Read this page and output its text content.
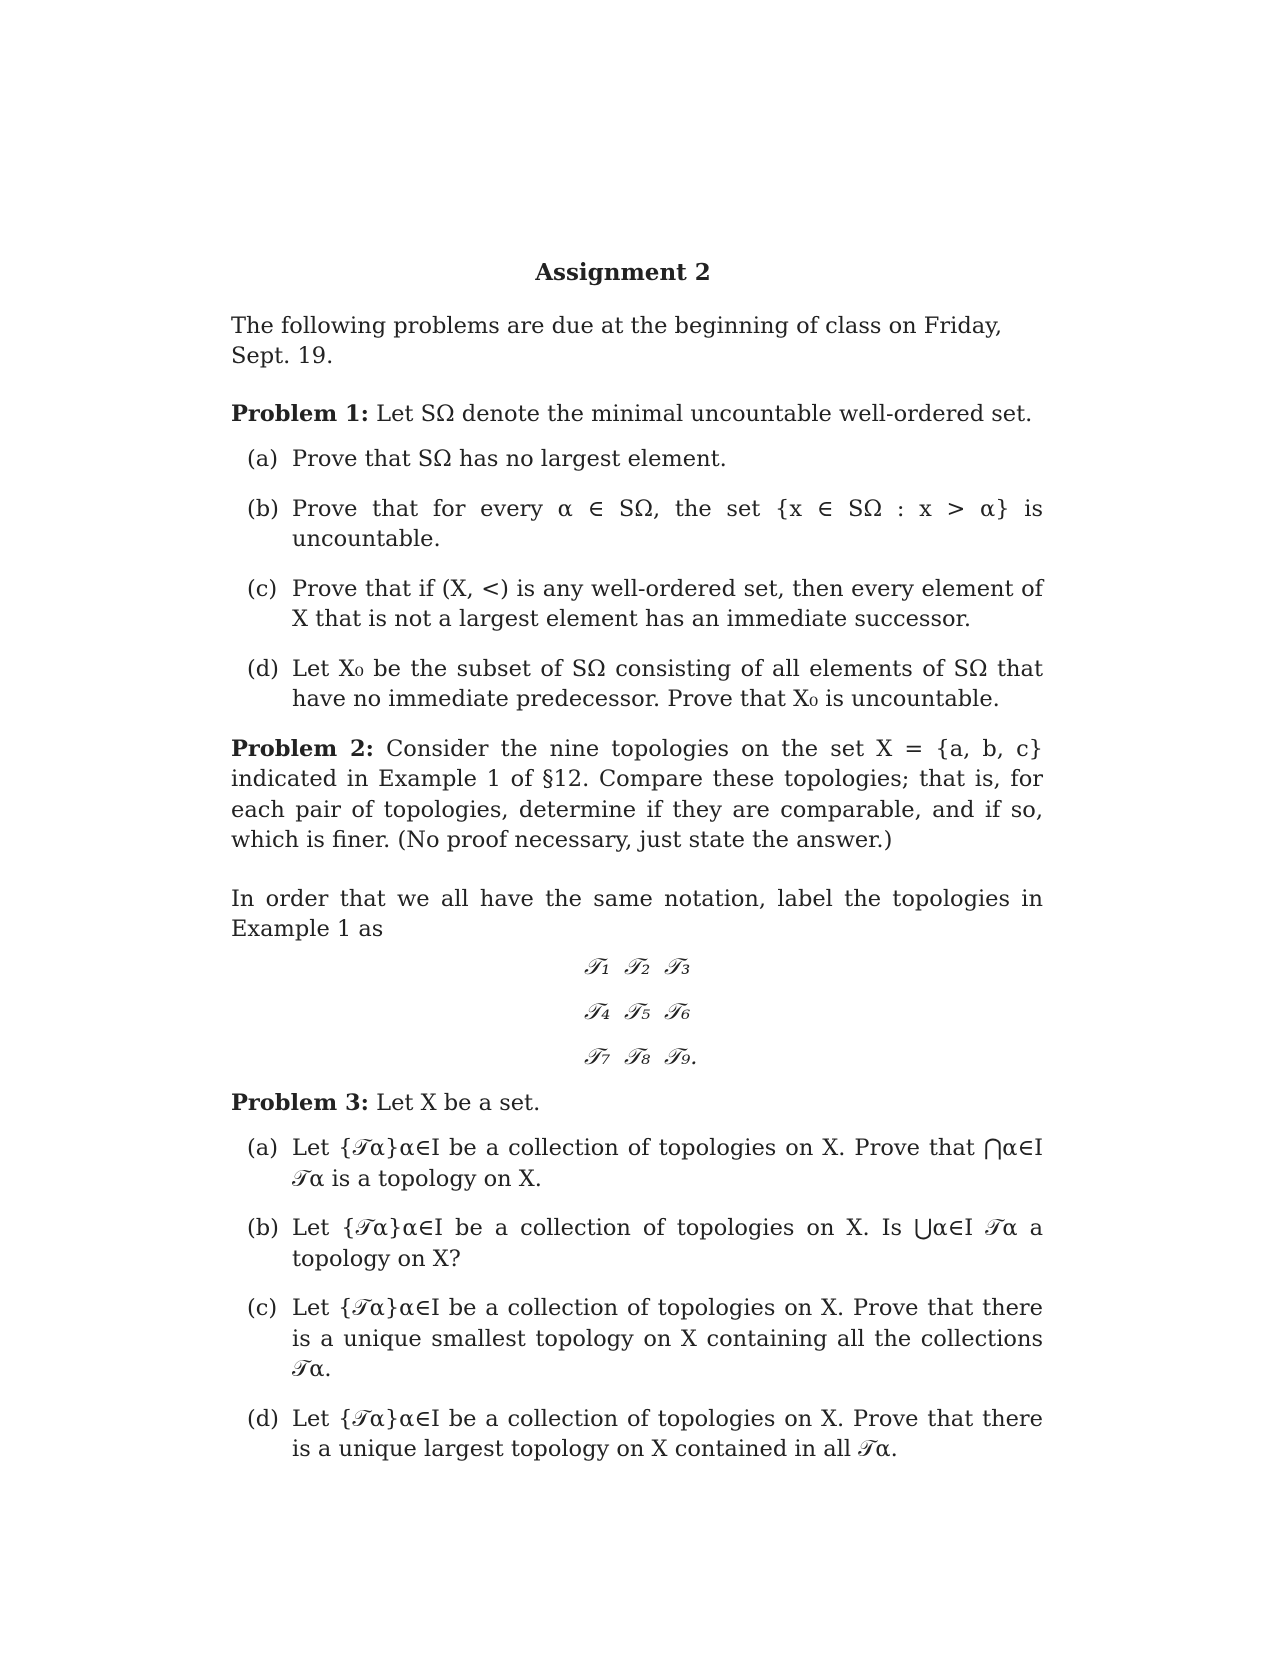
Assignment 2

The following problems are due at the beginning of class on Friday, Sept. 19.

Problem 1: Let SΩ denote the minimal uncountable well-ordered set.

(a) Prove that SΩ has no largest element.
(b) Prove that for every α ∈ SΩ, the set {x ∈ SΩ : x > α} is uncountable.
(c) Prove that if (X, <) is any well-ordered set, then every element of X that is not a largest element has an immediate successor.
(d) Let X₀ be the subset of SΩ consisting of all elements of SΩ that have no immediate predecessor. Prove that X₀ is uncountable.

Problem 2: Consider the nine topologies on the set X = {a, b, c} indicated in Example 1 of §12. Compare these topologies; that is, for each pair of topologies, determine if they are comparable, and if so, which is finer. (No proof necessary, just state the answer.)

In order that we all have the same notation, label the topologies in Example 1 as

𝒯₁ 𝒯₂ 𝒯₃
𝒯₄ 𝒯₅ 𝒯₆
𝒯₇ 𝒯₈ 𝒯₉.

Problem 3: Let X be a set.

(a) Let {𝒯α}α∈I be a collection of topologies on X. Prove that ⋂α∈I 𝒯α is a topology on X.
(b) Let {𝒯α}α∈I be a collection of topologies on X. Is ⋃α∈I 𝒯α a topology on X?
(c) Let {𝒯α}α∈I be a collection of topologies on X. Prove that there is a unique smallest topology on X containing all the collections 𝒯α.
(d) Let {𝒯α}α∈I be a collection of topologies on X. Prove that there is a unique largest topology on X contained in all 𝒯α.
